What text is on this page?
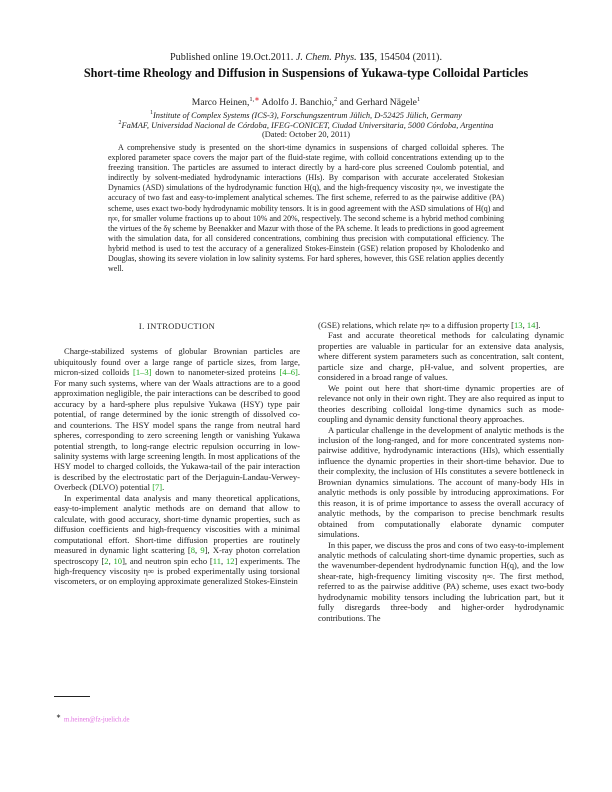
Published online 19.Oct.2011. J. Chem. Phys. 135, 154504 (2011).
Short-time Rheology and Diffusion in Suspensions of Yukawa-type Colloidal Particles
Marco Heinen,$^{1,∗}$ Adolfo J. Banchio,$^2$ and Gerhard Nägele$^1$
$^1$Institute of Complex Systems (ICS-3), Forschungszentrum Jülich, D-52425 Jülich, Germany
$^2$FaMAF, Universidad Nacional de Córdoba, IFEG-CONICET, Ciudad Universitaria, 5000 Córdoba, Argentina
(Dated: October 20, 2011)
A comprehensive study is presented on the short-time dynamics in suspensions of charged colloidal spheres. The explored parameter space covers the major part of the fluid-state regime, with colloid concentrations extending up to the freezing transition. The particles are assumed to interact directly by a hard-core plus screened Coulomb potential, and indirectly by solvent-mediated hydrodynamic interactions (HIs). By comparison with accurate accelerated Stokesian Dynamics (ASD) simulations of the hydrodynamic function H(q), and the high-frequency viscosity η∞, we investigate the accuracy of two fast and easy-to-implement analytical schemes. The first scheme, referred to as the pairwise additive (PA) scheme, uses exact two-body hydrodynamic mobility tensors. It is in good agreement with the ASD simulations of H(q) and η∞, for smaller volume fractions up to about 10% and 20%, respectively. The second scheme is a hybrid method combining the virtues of the δγ scheme by Beenakker and Mazur with those of the PA scheme. It leads to predictions in good agreement with the simulation data, for all considered concentrations, combining thus precision with computational efficiency. The hybrid method is used to test the accuracy of a generalized Stokes-Einstein (GSE) relation proposed by Kholodenko and Douglas, showing its severe violation in low salinity systems. For hard spheres, however, this GSE relation applies decently well.
I. INTRODUCTION

Charge-stabilized systems of globular Brownian particles are ubiquitously found over a large range of particle sizes, from large, micron-sized colloids [1–3] down to nanometer-sized proteins [4–6]. For many such systems, where van der Waals attractions are to a good approximation negligible, the pair interactions can be described to good accuracy by a hard-sphere plus repulsive Yukawa (HSY) type pair potential, of range determined by the ionic strength of dissolved co- and counterions. The HSY model spans the range from neutral hard spheres, corresponding to zero screening length or vanishing Yukawa potential strength, to long-range electric repulsion occurring in low-salinity systems with large screening length. In most applications of the HSY model to charged colloids, the Yukawa-tail of the pair interaction is described by the electrostatic part of the Derjaguin-Landau-Verwey-Overbeck (DLVO) potential [7].

In experimental data analysis and many theoretical applications, easy-to-implement analytic methods are on demand that allow to calculate, with good accuracy, short-time dynamic properties, such as diffusion coefficients and high-frequency viscosities with a minimal computational effort. Short-time diffusion properties are routinely measured in dynamic light scattering [8, 9], X-ray photon correlation spectroscopy [2, 10], and neutron spin echo [11, 12] experiments. The high-frequency viscosity η∞ is probed experimentally using torsional viscometers, or on employing approximate generalized Stokes-Einstein

(GSE) relations, which relate η∞ to a diffusion property [13, 14].

Fast and accurate theoretical methods for calculating dynamic properties are valuable in particular for an extensive data analysis, where different system parameters such as concentration, salt content, particle size and charge, pH-value, and solvent properties, are considered in a broad range of values.

We point out here that short-time dynamic properties are of relevance not only in their own right. They are also required as input to theories describing colloidal long-time dynamics such as mode-coupling and dynamic density functional theory approaches.

A particular challenge in the development of analytic methods is the inclusion of the long-ranged, and for more concentrated systems non-pairwise additive, hydrodynamic interactions (HIs), which essentially influence the dynamic properties in their short-time behavior. Due to their complexity, the inclusion of HIs constitutes a severe bottleneck in Brownian dynamics simulations. The account of many-body HIs in analytic methods is only possible by introducing approximations. For this reason, it is of prime importance to assess the overall accuracy of analytic methods, by the comparison to precise benchmark results obtained from computationally elaborate dynamic computer simulations.

In this paper, we discuss the pros and cons of two easy-to-implement analytic methods of calculating short-time dynamic properties, such as the wavenumber-dependent hydrodynamic function H(q), and the low shear-rate, high-frequency limiting viscosity η∞. The first method, referred to as the pairwise additive (PA) scheme, uses exact two-body hydrodynamic mobility tensors including the lubrication part, but it fully disregards three-body and higher-order hydrodynamic contributions. The

∗ m.heinen@fz-juelich.de
